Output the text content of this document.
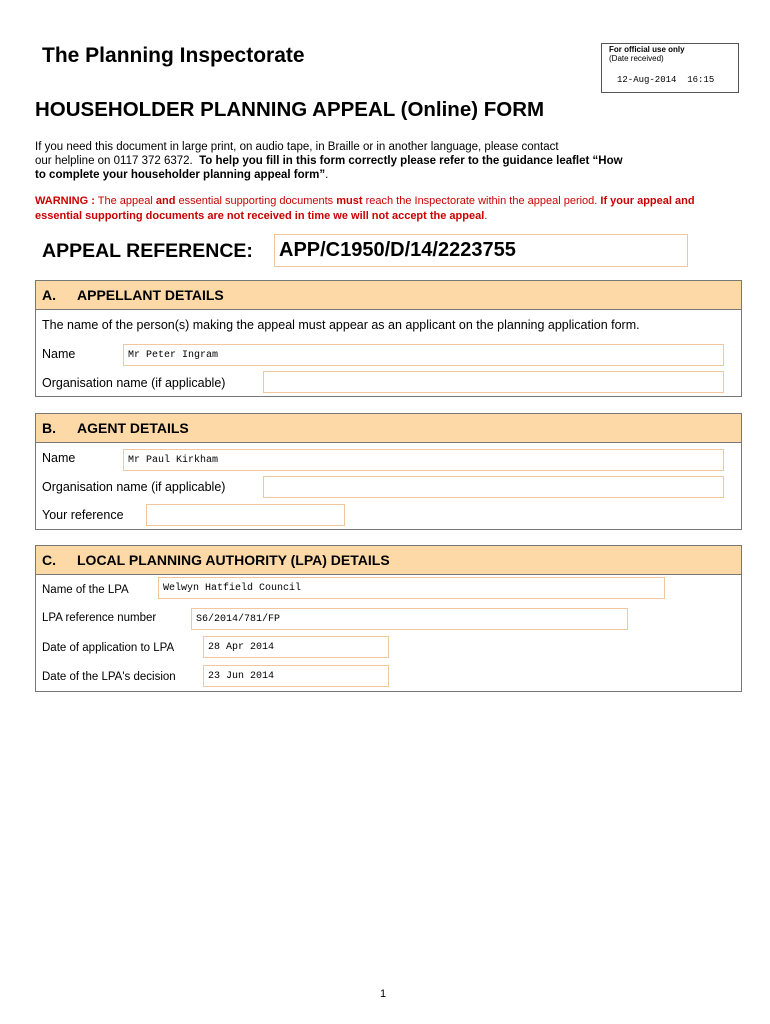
The Planning Inspectorate	For official use only
(Date received)
12-Aug-2014  16:15
HOUSEHOLDER PLANNING APPEAL (Online) FORM
If you need this document in large print, on audio tape, in Braille or in another language, please contact
our helpline on 0117 372 6372. To help you fill in this form correctly please refer to the guidance leaflet “How
to complete your householder planning appeal form”.
WARNING : The appeal and essential supporting documents must reach the Inspectorate within the appeal period. If your appeal and essential supporting documents are not received in time we will not accept the appeal.
APPEAL REFERENCE: APP/C1950/D/14/2223755
A. APPELLANT DETAILS
The name of the person(s) making the appeal must appear as an applicant on the planning application form.
Name	Mr Peter Ingram
Organisation name (if applicable)
B. AGENT DETAILS
Name	Mr Paul Kirkham
Organisation name (if applicable)
Your reference
C. LOCAL PLANNING AUTHORITY (LPA) DETAILS
Name of the LPA	Welwyn Hatfield Council
LPA reference number	S6/2014/781/FP
Date of application to LPA	28 Apr 2014
Date of the LPA's decision	23 Jun 2014
1
